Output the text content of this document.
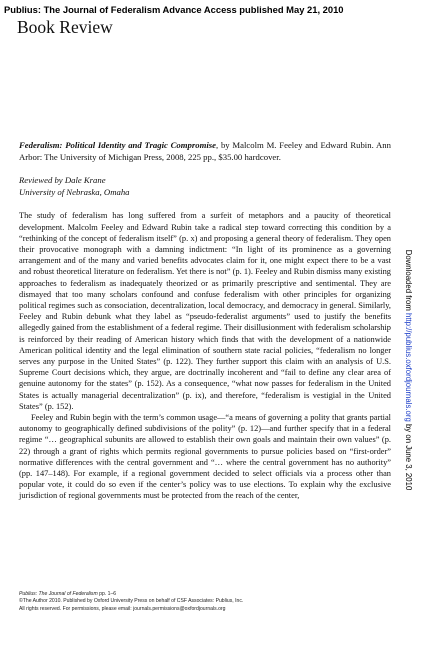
Publius: The Journal of Federalism Advance Access published May 21, 2010
Book Review

Federalism: Political Identity and Tragic Compromise, by Malcolm M. Feeley and Edward Rubin. Ann Arbor: The University of Michigan Press, 2008, 225 pp., $35.00 hardcover.

Reviewed by Dale Krane
University of Nebraska, Omaha

The study of federalism has long suffered from a surfeit of metaphors and a paucity of theoretical development. Malcolm Feeley and Edward Rubin take a radical step toward correcting this condition by a “rethinking of the concept of federalism itself” (p. x) and proposing a general theory of federalism. They open their provocative monograph with a damning indictment: “In light of its prominence as a governing arrangement and of the many and varied benefits advocates claim for it, one might expect there to be a vast and robust theoretical literature on federalism. Yet there is not” (p. 1). Feeley and Rubin dismiss many existing approaches to federalism as inadequately theorized or as primarily prescriptive and sentimental. They are dismayed that too many scholars confound and confuse federalism with other principles for organizing political regimes such as consociation, decentralization, local democracy, and democracy in general. Similarly, Feeley and Rubin debunk what they label as “pseudo-federalist arguments” used to justify the benefits allegedly gained from the establishment of a federal regime. Their disillusionment with federalism scholarship is reinforced by their reading of American history which finds that with the development of a nationwide American political identity and the legal elimination of southern state racial policies, “federalism no longer serves any purpose in the United States” (p. 122). They further support this claim with an analysis of U.S. Supreme Court decisions which, they argue, are doctrinally incoherent and “fail to define any clear area of genuine autonomy for the states” (p. 152). As a consequence, “what now passes for federalism in the United States is actually managerial decentralization” (p. ix), and therefore, “federalism is vestigial in the United States” (p. 152).

Feeley and Rubin begin with the term’s common usage—“a means of governing a polity that grants partial autonomy to geographically defined subdivisions of the polity” (p. 12)—and further specify that in a federal regime “… geographical subunits are allowed to establish their own goals and maintain their own values” (p. 22) through a grant of rights which permits regional governments to pursue policies based on “first-order” normative differences with the central government and “… where the central government has no authority” (pp. 147–148). For example, if a regional government decided to select officials via a process other than popular vote, it could do so even if the center’s policy was to use elections. To explain why the exclusive jurisdiction of regional governments must be protected from the reach of the center,

Publius: The Journal of Federalism pp. 1–6
©The Author 2010. Published by Oxford University Press on behalf of CSF Associates: Publius, Inc.
All rights reserved. For permissions, please email: journals.permissions@oxfordjournals.org
Downloaded from http://publius.oxfordjournals.org by on June 3, 2010
